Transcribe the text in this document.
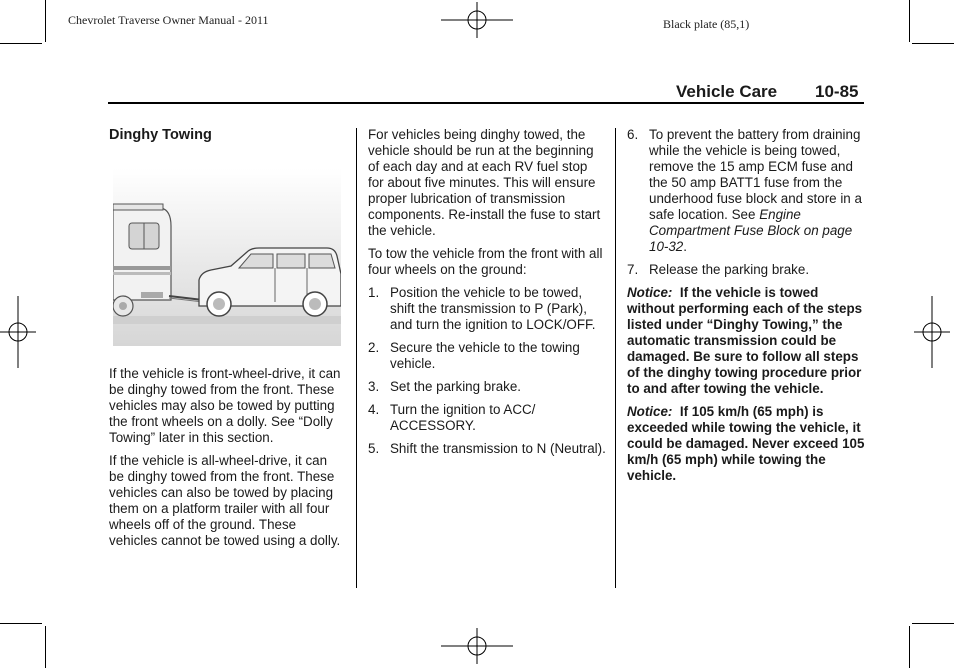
Chevrolet Traverse Owner Manual - 2011	Black plate (85,1)
Vehicle Care 10-85
Dinghy Towing

If the vehicle is front-wheel-drive, it can be dinghy towed from the front. These vehicles may also be towed by putting the front wheels on a dolly. See “Dolly Towing” later in this section.

If the vehicle is all-wheel-drive, it can be dinghy towed from the front. These vehicles can also be towed by placing them on a platform trailer with all four wheels off of the ground. These vehicles cannot be towed using a dolly.

For vehicles being dinghy towed, the vehicle should be run at the beginning of each day and at each RV fuel stop for about five minutes. This will ensure proper lubrication of transmission components. Re-install the fuse to start the vehicle.

To tow the vehicle from the front with all four wheels on the ground:

1. Position the vehicle to be towed, shift the transmission to P (Park), and turn the ignition to LOCK/OFF.
2. Secure the vehicle to the towing vehicle.
3. Set the parking brake.
4. Turn the ignition to ACC/ ACCESSORY.
5. Shift the transmission to N (Neutral).
6. To prevent the battery from draining while the vehicle is being towed, remove the 15 amp ECM fuse and the 50 amp BATT1 fuse from the underhood fuse block and store in a safe location. See Engine Compartment Fuse Block on page 10-32.
7. Release the parking brake.

Notice: If the vehicle is towed without performing each of the steps listed under “Dinghy Towing,” the automatic transmission could be damaged. Be sure to follow all steps of the dinghy towing procedure prior to and after towing the vehicle.

Notice: If 105 km/h (65 mph) is exceeded while towing the vehicle, it could be damaged. Never exceed 105 km/h (65 mph) while towing the vehicle.
